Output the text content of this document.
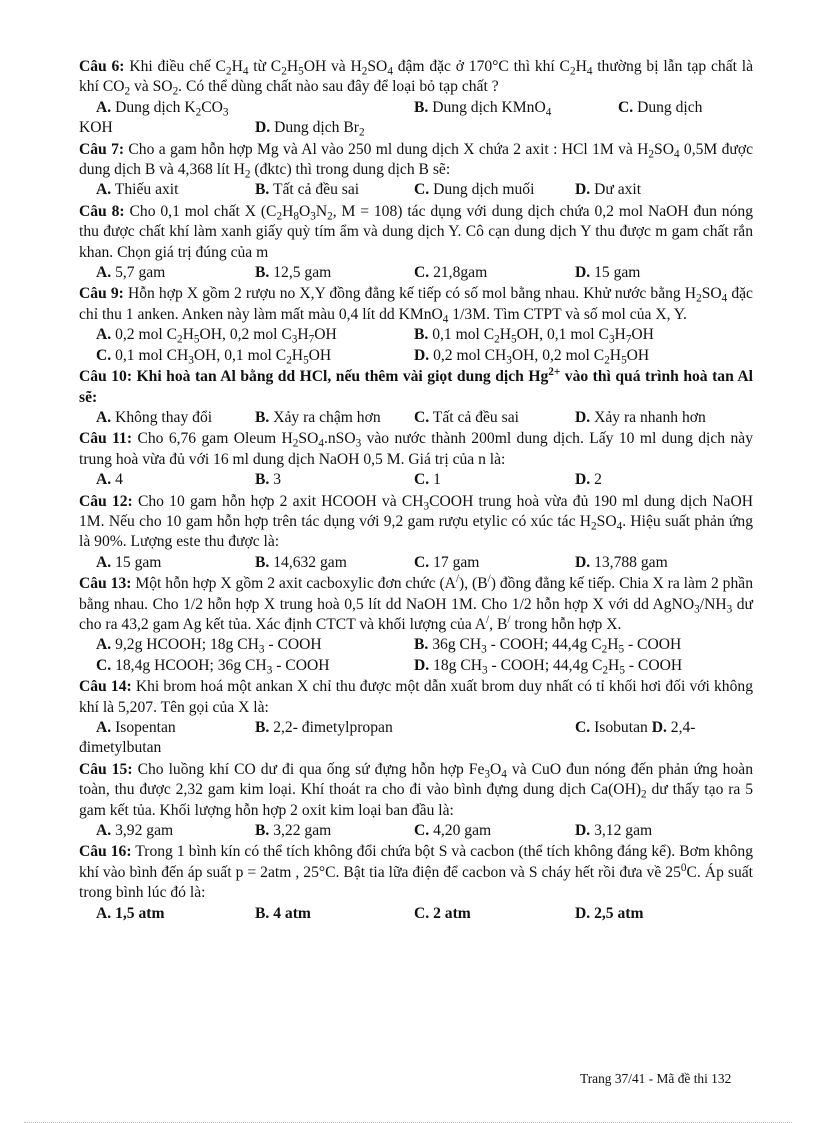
Câu 6: Khi điều chế $C_2H_4$ từ $C_2H_5OH$ và $H_2SO_4$ đậm đặc ở 170°C thì khí $C_2H_4$ thường bị lẫn tạp chất là khí $CO_2$ và $SO_2$. Có thể dùng chất nào sau đây để loại bỏ tạp chất ?
A. Dung dịch $K_2CO_3$	B. Dung dịch KMnO$_4$	C. Dung dịch
KOH	D. Dung dịch $Br_2$
Câu 7: Cho a gam hỗn hợp Mg và Al vào 250 ml dung dịch X chứa 2 axit : HCl 1M và $H_2SO_4$ 0,5M được dung dịch B và 4,368 lít $H_2$ (đktc) thì trong dung dịch B sẽ:
A. Thiếu axit	B. Tất cả đều sai	C. Dung dịch muối	D. Dư axit
Câu 8: Cho 0,1 mol chất X ($C_2H_8O_3N_2$, M = 108) tác dụng với dung dịch chứa 0,2 mol NaOH đun nóng thu được chất khí làm xanh giấy quỳ tím ẩm và dung dịch Y. Cô cạn dung dịch Y thu được m gam chất rắn khan. Chọn giá trị đúng của m
A. 5,7 gam	B. 12,5 gam	C. 21,8gam	D. 15 gam
Câu 9: Hỗn hợp X gồm 2 rượu no X,Y đồng đẳng kế tiếp có số mol bằng nhau. Khử nước bằng $H_2SO_4$ đặc chỉ thu 1 anken. Anken này làm mất màu 0,4 lít dd KMnO$_4$ 1/3M. Tìm CTPT và số mol của X, Y.
A. 0,2 mol $C_2H_5OH$, 0,2 mol $C_3H_7OH$	B. 0,1 mol $C_2H_5OH$, 0,1 mol $C_3H_7OH$
C. 0,1 mol $CH_3OH$, 0,1 mol $C_2H_5OH$	D. 0,2 mol $CH_3OH$, 0,2 mol $C_2H_5OH$
Câu 10: Khi hoà tan Al bằng dd HCl, nếu thêm vài giọt dung dịch $Hg^{2+}$ vào thì quá trình hoà tan Al sẽ:
A. Không thay đổi	B. Xảy ra chậm hơn	C. Tất cả đều sai	D. Xảy ra nhanh hơn
Câu 11: Cho 6,76 gam Oleum $H_2SO_4.nSO_3$ vào nước thành 200ml dung dịch. Lấy 10 ml dung dịch này trung hoà vừa đủ với 16 ml dung dịch NaOH 0,5 M. Giá trị của n là:
A. 4	B. 3	C. 1	D. 2
Câu 12: Cho 10 gam hỗn hợp 2 axit HCOOH và $CH_3COOH$ trung hoà vừa đủ 190 ml dung dịch NaOH 1M. Nếu cho 10 gam hỗn hợp trên tác dụng với 9,2 gam rượu etylic có xúc tác $H_2SO_4$. Hiệu suất phản ứng là 90%. Lượng este thu được là:
A. 15 gam	B. 14,632 gam	C. 17 gam	D. 13,788 gam
Câu 13: Một hỗn hợp X gồm 2 axit cacboxylic đơn chức (A/), (B/) đồng đẳng kế tiếp. Chia X ra làm 2 phần bằng nhau. Cho 1/2 hỗn hợp X trung hoà 0,5 lít dd NaOH 1M. Cho 1/2 hỗn hợp X với dd $AgNO_3/NH_3$ dư cho ra 43,2 gam Ag kết tủa. Xác định CTCT và khối lượng của A/, B/ trong hỗn hợp X.
A. 9,2g HCOOH; 18g $CH_3$ - COOH	B. 36g $CH_3$ - COOH; 44,4g $C_2H_5$ - COOH
C. 18,4g HCOOH; 36g $CH_3$ - COOH	D. 18g $CH_3$ - COOH; 44,4g $C_2H_5$ - COOH
Câu 14: Khi brom hoá một ankan X chỉ thu được một dẫn xuất brom duy nhất có tỉ khối hơi đối với không khí là 5,207. Tên gọi của X là:
A. Isopentan	B. 2,2- đimetylpropan	C. Isobutan D. 2,4-
đimetylbutan
Câu 15: Cho luồng khí CO dư đi qua ống sứ đựng hỗn hợp $Fe_3O_4$ và CuO đun nóng đến phản ứng hoàn toàn, thu được 2,32 gam kim loại. Khí thoát ra cho đi vào bình đựng dung dịch $Ca(OH)_2$ dư thấy tạo ra 5 gam kết tủa. Khối lượng hỗn hợp 2 oxit kim loại ban đầu là:
A. 3,92 gam	B. 3,22 gam	C. 4,20 gam	D. 3,12 gam
Câu 16: Trong 1 bình kín có thể tích không đổi chứa bột S và cacbon (thể tích không đáng kể). Bơm không khí vào bình đến áp suất p = 2atm , 25°C. Bật tia lữa điện để cacbon và S cháy hết rồi đưa về $25^0C$. Áp suất trong bình lúc đó là:
A. 1,5 atm	B. 4 atm	C. 2 atm	D. 2,5 atm
Trang 37/41 - Mã đề thi 132
